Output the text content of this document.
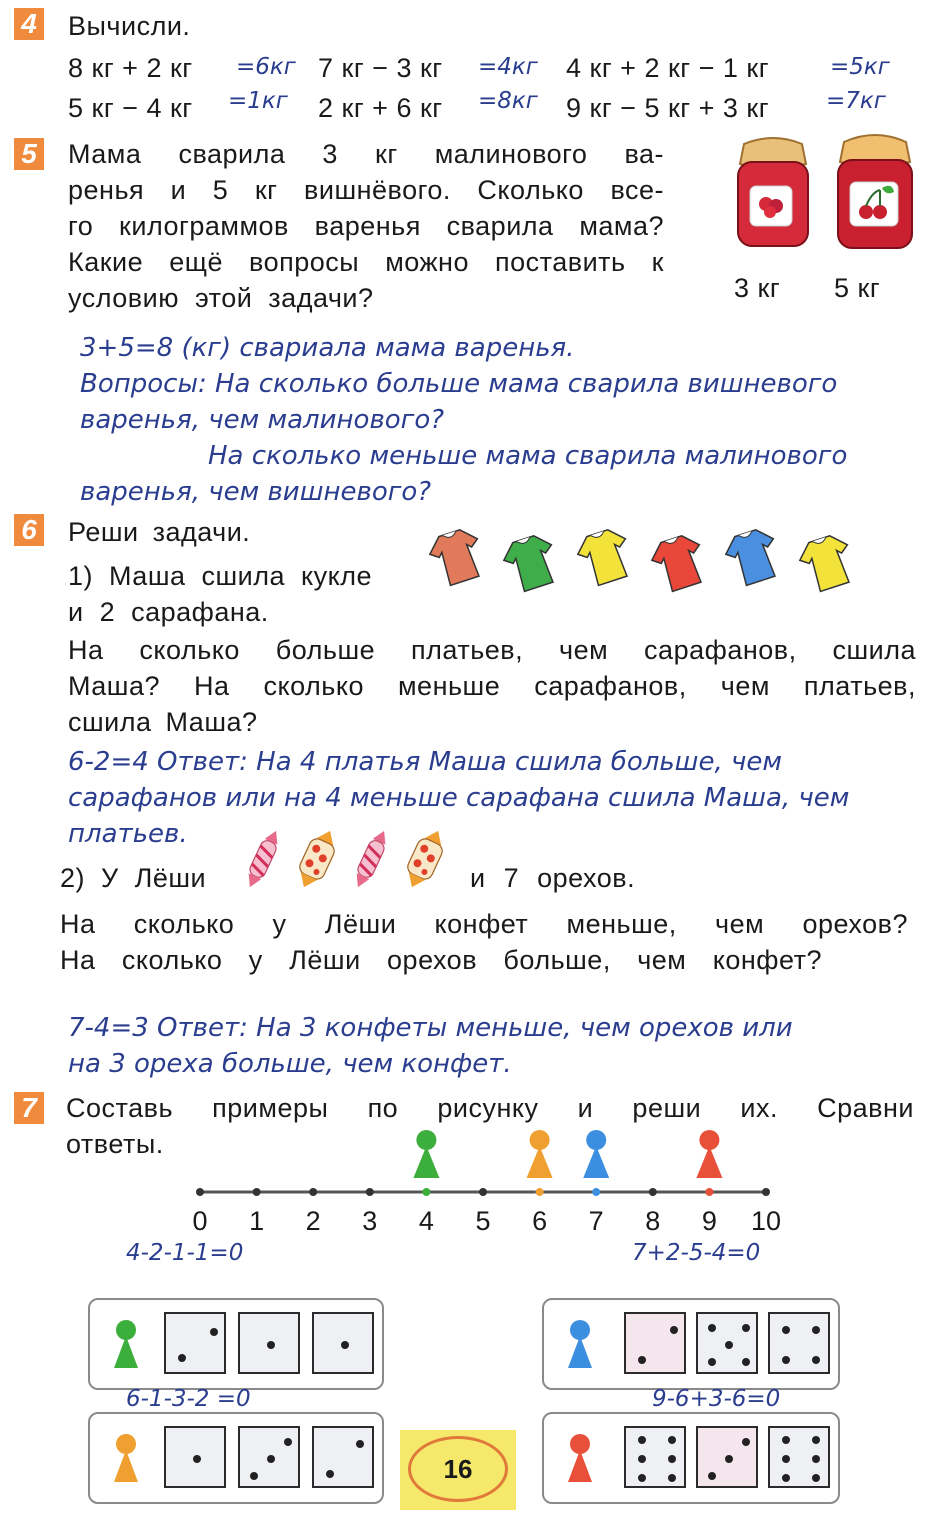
4 Вычисли.
8 кг + 2 кг =6кг 7 кг − 3 кг =4кг 4 кг + 2 кг − 1 кг	=5кг
5 кг − 4 кг =1кг 2 кг + 6 кг =8кг 9 кг − 5 кг + 3 кг =7кг
5 Мама сварила 3 кг малинового ва-
ренья и 5 кг вишнёвого. Сколько все-
го килограммов варенья сварила мама?
Какие ещё вопросы можно поставить к
условию этой задачи?	3 кг 5 кг
3+5=8 (кг) свариала мама варенья.
Вопросы: На сколько больше мама сварила вишневого
варенья, чем малинового?
На сколько меньше мама сварила малинового
варенья, чем вишневого?
6 Реши задачи.
1) Маша сшила кукле
и 2 сарафана.
На сколько больше платьев, чем сарафанов, сшила
Маша? На сколько меньше сарафанов, чем платьев,
сшила Маша?
6-2=4 Ответ: На 4 платья Маша сшила больше, чем
сарафанов или на 4 меньше сарафана сшила Маша, чем
платьев.
2) У Лёши	и 7 орехов.
На сколько у Лёши конфет меньше, чем орехов?
На сколько у Лёши орехов больше, чем конфет?
7-4=3 Ответ: На 3 конфеты меньше, чем орехов или
на 3 ореха больше, чем конфет.
7 Составь примеры по рисунку и реши их. Сравни
ответы.
0 1 2 3 4 5 6 7 8 9 10
4-2-1-1=0	7+2-5-4=0
6-1-3-2 =0	9-6+3-6=0
16
